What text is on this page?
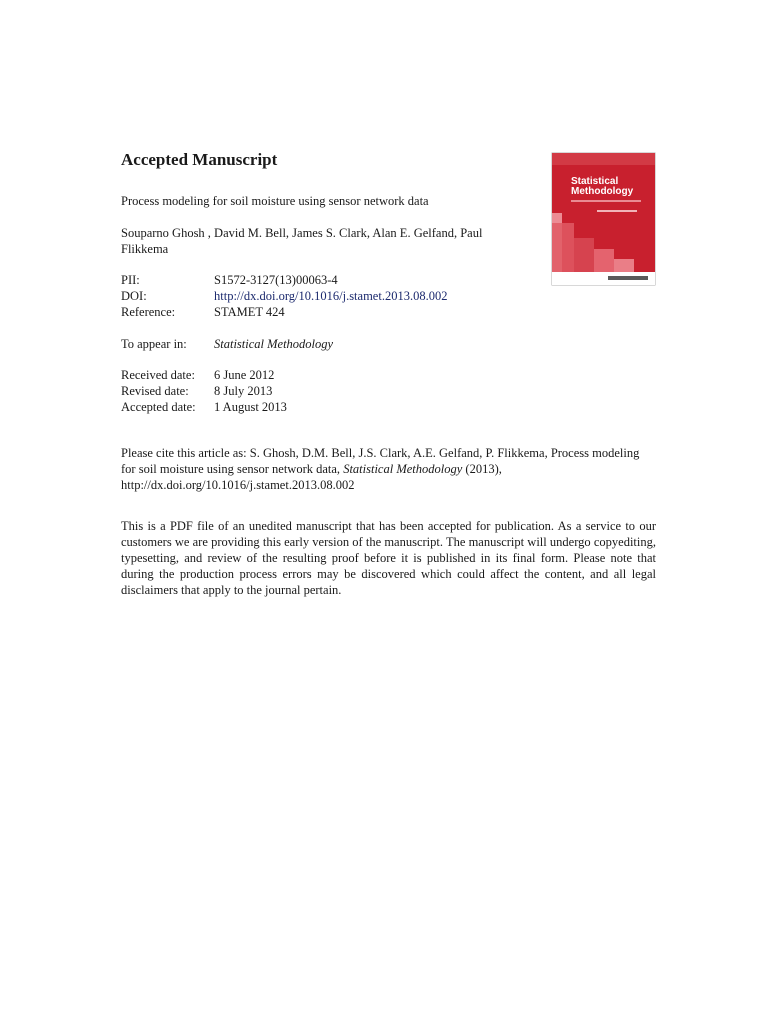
Accepted Manuscript
Process modeling for soil moisture using sensor network data
Souparno Ghosh , David M. Bell, James S. Clark, Alan E. Gelfand, Paul Flikkema
PII:	S1572-3127(13)00063-4
DOI:	http://dx.doi.org/10.1016/j.stamet.2013.08.002
Reference:	STAMET 424
To appear in:	Statistical Methodology
Received date:	6 June 2012
Revised date:	8 July 2013
Accepted date:	1 August 2013
Please cite this article as: S. Ghosh, D.M. Bell, J.S. Clark, A.E. Gelfand, P. Flikkema, Process modeling for soil moisture using sensor network data, Statistical Methodology (2013), http://dx.doi.org/10.1016/j.stamet.2013.08.002
This is a PDF file of an unedited manuscript that has been accepted for publication. As a service to our customers we are providing this early version of the manuscript. The manuscript will undergo copyediting, typesetting, and review of the resulting proof before it is published in its final form. Please note that during the production process errors may be discovered which could affect the content, and all legal disclaimers that apply to the journal pertain.
Statistical Methodology
